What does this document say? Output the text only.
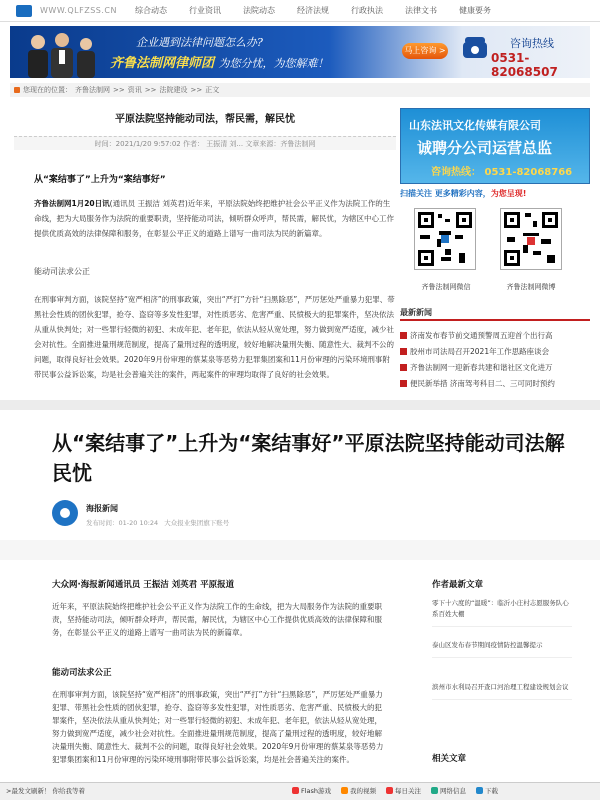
WWW.QLFZSS.CN 综合动态	行业资讯	法院动态	经济法规	行政执法	法律文书	健康要务
企业遇到法律问题怎么办?
齐鲁法制网律师团 为您分忧，为您解难！
马上咨询 >
咨询热线
0531-82068507
您现在的位置： 齐鲁法制网 >> 资讯 >> 法院建设 >> 正文
平原法院坚持能动司法，帮民需，解民忧
时间：2021/1/20 9:57:02 作者： 王振清 刘... 文章来源：齐鲁法制网
从“案结事了”上升为“案结事好”
齐鲁法制网1月20日讯(通讯员 王振洁 刘英君)近年来，平原法院始终把维护社会公平正义作为法院工作的生命线，把为大局服务作为法院的重要职责，坚持能动司法，倾听群众呼声，帮民需，解民忧，为辖区中心工作提供优质高效的法律保障和服务，在彰显公平正义的道路上谱写一曲司法为民的新篇章。
能动司法求公正
在刑事审判方面，该院坚持“宽严相济”的刑事政策，突出“严打”方针“扫黑除恶”，严厉惩处严重暴力犯罪、带黑社会性质的团伙犯罪，抢夺、盗窃等多发性犯罪，对性质恶劣、危害严重、民愤极大的犯罪案件，坚决依法从重从快判处；对一些罪行轻微的初犯、未成年犯、老年犯，依法从轻从宽处理，努力做到宽严适度，减少社会对抗性。全面推进量刑规范制度，提高了量刑过程的透明度，较好地解决量刑失衡、随意性大、裁判不公的问题，取得良好社会效果。2020年9月份审理的蔡某泉等恶势力犯罪集团案和11月份审理的污染环境刑事附带民事公益诉讼案，均是社会普遍关注的案件，两起案件的审理均取得了良好的社会效果。
山东法讯文化传媒有限公司
诚聘分公司运营总监
咨询热线： 0531-82068766
扫描关注 更多精彩内容，为您呈现!
齐鲁法制网微信	齐鲁法制网微博
最新新闻
济南发布春节前交通预警周五迎首个出行高
胶州市司法局召开2021年工作思路座谈会
齐鲁法制网一迎新春共建和谐社区文化进万
便民新举措 济南驾考科目二、三可同时预约
从“案结事了”上升为“案结事好”平原法院坚持能动司法解民忧
海报新闻
发布时间：01-20 10:24 大众报业集团旗下账号
大众网·海报新闻通讯员 王振洁 刘英君 平原报道
近年来，平原法院始终把维护社会公平正义作为法院工作的生命线，把为大局服务作为法院的重要职责，坚持能动司法，倾听群众呼声，帮民需，解民忧，为辖区中心工作提供优质高效的法律保障和服务，在彰显公平正义的道路上谱写一曲司法为民的新篇章。
能动司法求公正
在刑事审判方面，该院坚持“宽严相济”的刑事政策，突出“严打”方针“扫黑除恶”，严厉惩处严重暴力犯罪、带黑社会性质的团伙犯罪，抢夺、盗窃等多发性犯罪，对性质恶劣、危害严重、民愤极大的犯罪案件，坚决依法从重从快判处；对一些罪行轻微的初犯、未成年犯、老年犯，依法从轻从宽处理，努力做到宽严适度，减少社会对抗性。全面推进量刑规范制度，提高了量刑过程的透明度，较好地解决量刑失衡、随意性大、裁判不公的问题，取得良好社会效果。2020年9月份审理的蔡某泉等恶势力犯罪集团案和11月份审理的污染环境刑事附带民事公益诉讼案，均是社会普遍关注的案件。
作者最新文章
零下十六度的“温暖”：临沂小庄村志愿服务队心系百姓大棚
泰山区发布春节期间疫情防控温馨提示
滨州市水利局召开查口河治理工程建设规划会议
相关文章
>最发文刷新！ 你给我等着	Flash游戏	我的视频	每日关注	网络信息	下载
